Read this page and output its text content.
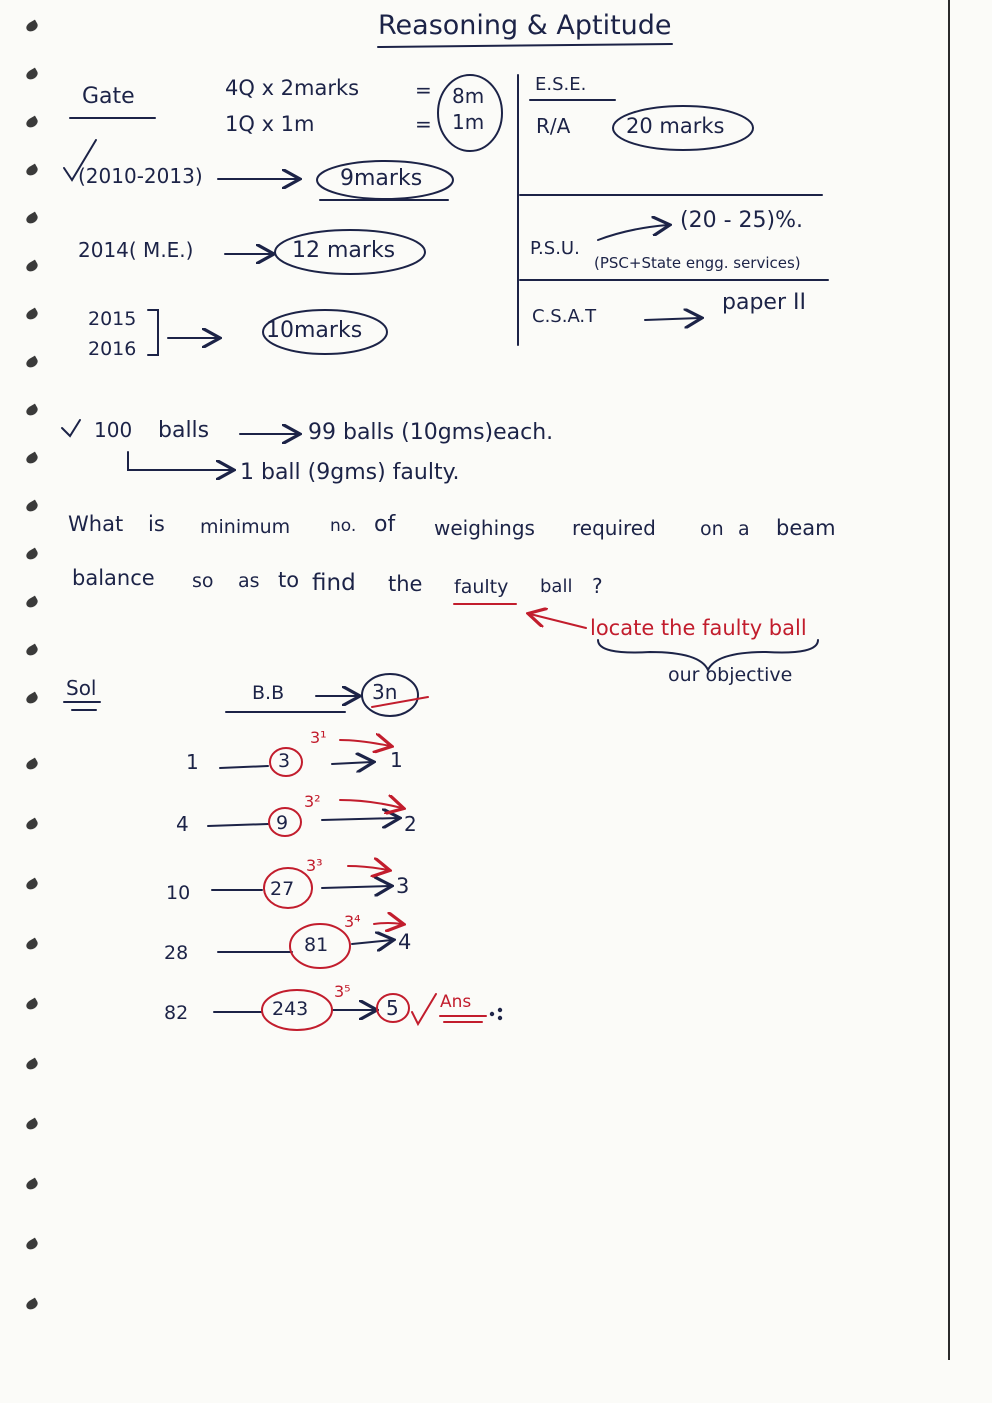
Reasoning & Aptitude
Gate	4Q x 2marks	=
1Q x 1m	=
8m
1m
(2010-2013)	9marks
2014( M.E.)	12 marks
2015
2016
10marks
E.S.E.
R/A	20 marks
(20 - 25)%.
P.S.U.
(PSC+State engg. services)
C.S.A.T
paper II
100 balls	99 balls (10gms)each.
1 ball (9gms) faulty.
What is minimum no. of weighings required on a beam
balance so as to find the faulty ball ?
locate the faulty ball
our objective
Sol	B.B	3n
1	3
3¹
1
4	9
3²
2
10	27
3³
3
28	81
3⁴
4
82	243
3⁵
5 Ans
